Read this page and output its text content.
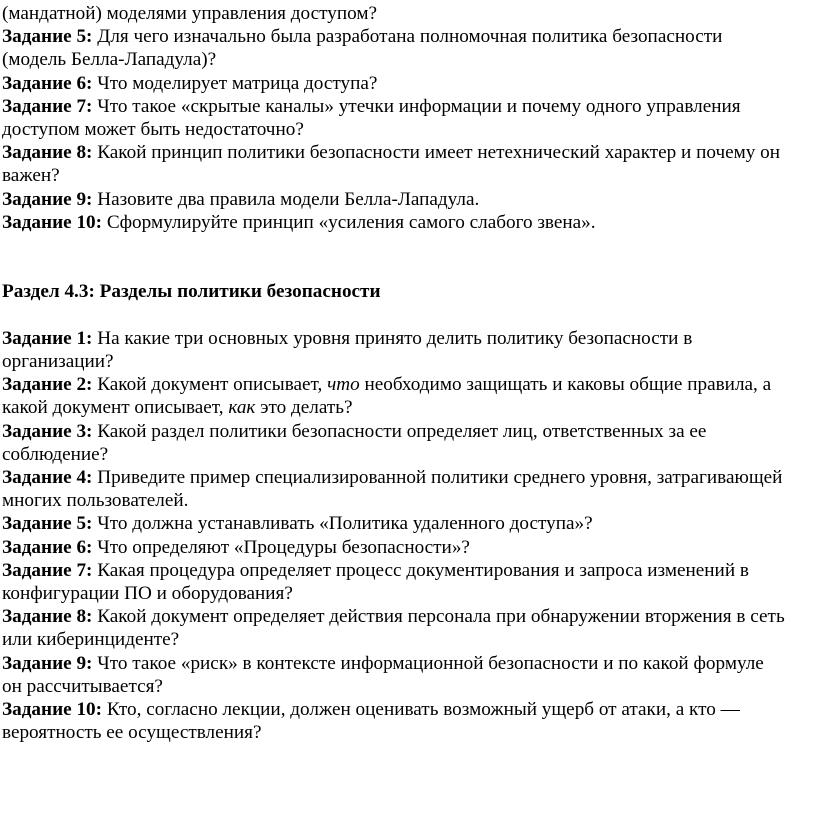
(мандатной) моделями управления доступом?
Задание 5: Для чего изначально была разработана полномочная политика безопасности
(модель Белла-Лападула)?
Задание 6: Что моделирует матрица доступа?
Задание 7: Что такое «скрытые каналы» утечки информации и почему одного управления
доступом может быть недостаточно?
Задание 8: Какой принцип политики безопасности имеет нетехнический характер и почему он
важен?
Задание 9: Назовите два правила модели Белла-Лападула.
Задание 10: Сформулируйте принцип «усиления самого слабого звена».
Раздел 4.3: Разделы политики безопасности
Задание 1: На какие три основных уровня принято делить политику безопасности в
организации?
Задание 2: Какой документ описывает, что необходимо защищать и каковы общие правила, а
какой документ описывает, как это делать?
Задание 3: Какой раздел политики безопасности определяет лиц, ответственных за ее
соблюдение?
Задание 4: Приведите пример специализированной политики среднего уровня, затрагивающей
многих пользователей.
Задание 5: Что должна устанавливать «Политика удаленного доступа»?
Задание 6: Что определяют «Процедуры безопасности»?
Задание 7: Какая процедура определяет процесс документирования и запроса изменений в
конфигурации ПО и оборудования?
Задание 8: Какой документ определяет действия персонала при обнаружении вторжения в сеть
или киберинциденте?
Задание 9: Что такое «риск» в контексте информационной безопасности и по какой формуле
он рассчитывается?
Задание 10: Кто, согласно лекции, должен оценивать возможный ущерб от атаки, а кто —
вероятность ее осуществления?
